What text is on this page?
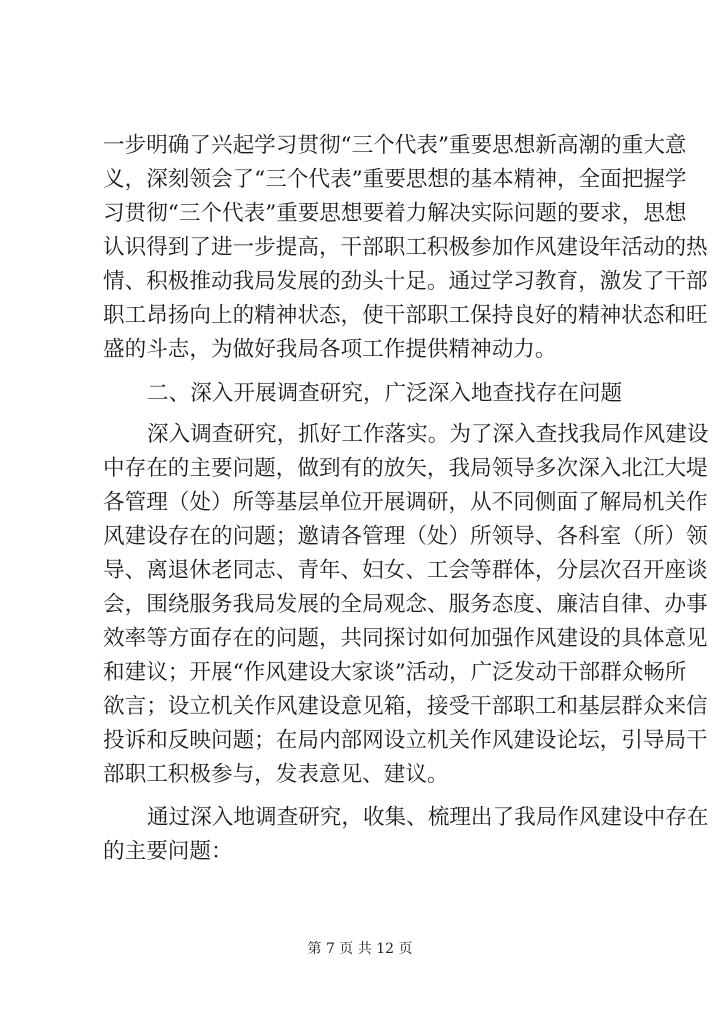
一步明确了兴起学习贯彻“三个代表”重要思想新高潮的重大意
义，深刻领会了“三个代表”重要思想的基本精神，全面把握学
习贯彻“三个代表”重要思想要着力解决实际问题的要求，思想
认识得到了进一步提高，干部职工积极参加作风建设年活动的热
情、积极推动我局发展的劲头十足。通过学习教育，激发了干部
职工昂扬向上的精神状态，使干部职工保持良好的精神状态和旺
盛的斗志，为做好我局各项工作提供精神动力。
二、深入开展调查研究，广泛深入地查找存在问题
深入调查研究，抓好工作落实。为了深入查找我局作风建设
中存在的主要问题，做到有的放矢，我局领导多次深入北江大堤
各管理（处）所等基层单位开展调研，从不同侧面了解局机关作
风建设存在的问题；邀请各管理（处）所领导、各科室（所）领
导、离退休老同志、青年、妇女、工会等群体，分层次召开座谈
会，围绕服务我局发展的全局观念、服务态度、廉洁自律、办事
效率等方面存在的问题，共同探讨如何加强作风建设的具体意见
和建议；开展“作风建设大家谈”活动，广泛发动干部群众畅所
欲言；设立机关作风建设意见箱，接受干部职工和基层群众来信
投诉和反映问题；在局内部网设立机关作风建设论坛，引导局干
部职工积极参与，发表意见、建议。
通过深入地调查研究，收集、梳理出了我局作风建设中存在
的主要问题：
第 7 页 共 12 页
